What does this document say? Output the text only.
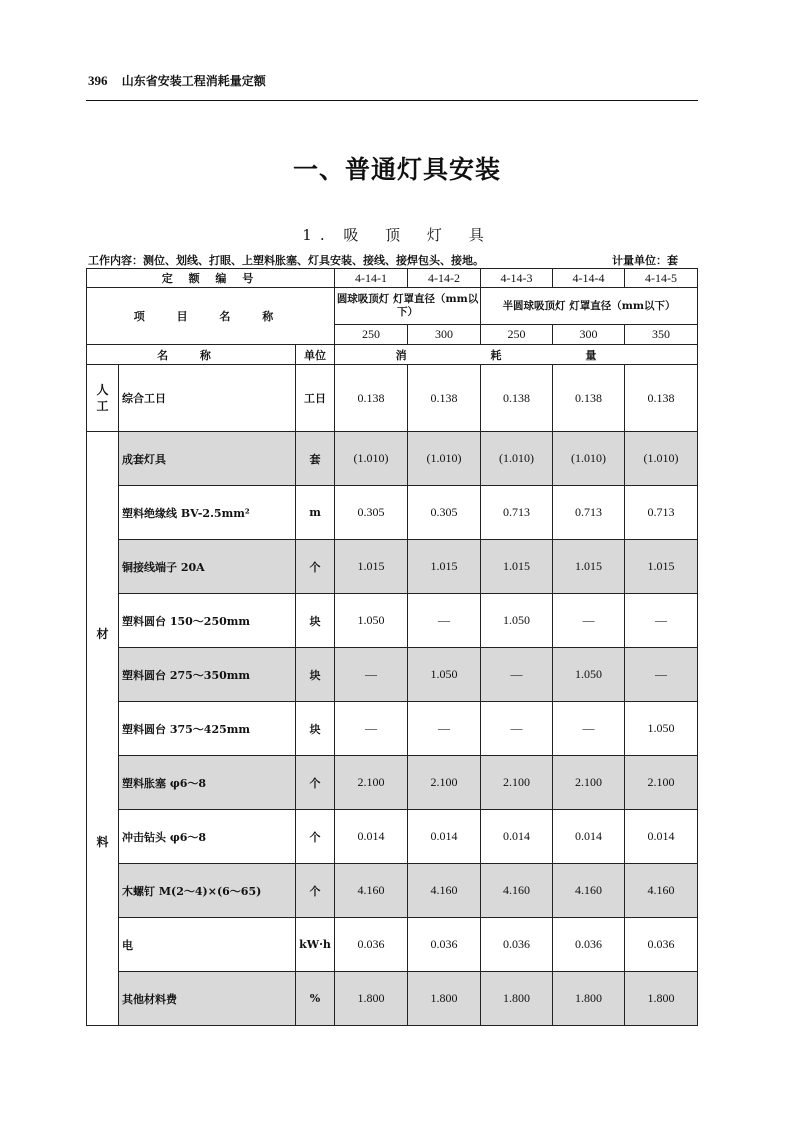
396 山东省安装工程消耗量定额
一、普通灯具安装
1. 吸 顶 灯 具
工作内容：测位、划线、打眼、上塑料胀塞、灯具安装、接线、接焊包头、接地。	计量单位：套
定 额 编 号			4-14-1	4-14-2	4-14-3	4-14-4	4-14-5
项 目 名 称			圆球吸顶灯 灯罩直径（mm以下）		半圆球吸顶灯 灯罩直径（mm以下）		
			250	300	250	300	350
名 称		单位	消 耗 量				
人工	综合工日	工日	0.138	0.138	0.138	0.138	0.138

材
料	成套灯具	套	(1.010)	(1.010)	(1.010)	(1.010)	(1.010)
	塑料绝缘线 BV-2.5mm²	m	0.305	0.305	0.713	0.713	0.713
	铜接线端子 20A	个	1.015	1.015	1.015	1.015	1.015
	塑料圆台 150～250mm	块	1.050	—	1.050	—	—
	塑料圆台 275～350mm	块	—	1.050	—	1.050	—
	塑料圆台 375～425mm	块	—	—	—	—	1.050
	塑料胀塞 φ6～8	个	2.100	2.100	2.100	2.100	2.100
	冲击钻头 φ6～8	个	0.014	0.014	0.014	0.014	0.014
	木螺钉 M(2～4)×(6～65)	个	4.160	4.160	4.160	4.160	4.160
	电	kW·h	0.036	0.036	0.036	0.036	0.036
	其他材料费	%	1.800	1.800	1.800	1.800	1.800
